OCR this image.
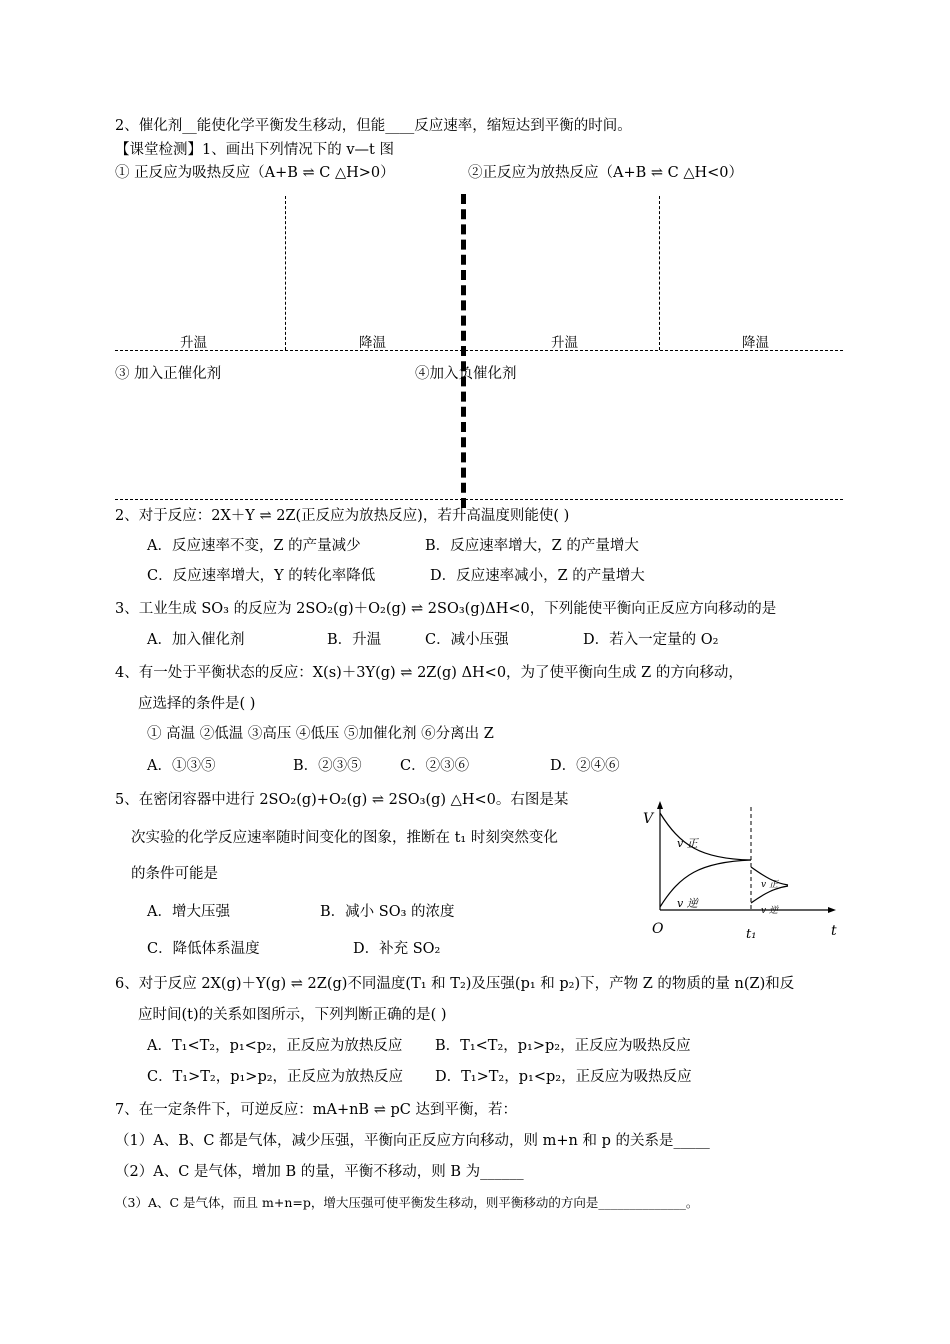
2、催化剂__能使化学平衡发生移动，但能____反应速率，缩短达到平衡的时间。
【课堂检测】1、画出下列情况下的 v—t 图
① 正反应为吸热反应（A+B ⇌ C △H>0）	②正反应为放热反应（A+B ⇌ C △H<0）
升温	降温	升温	降温
③ 加入正催化剂	④加入负催化剂
2、对于反应：2X＋Y ⇌ 2Z(正反应为放热反应)，若升高温度则能使( )
A．反应速率不变，Z 的产量减少	B．反应速率增大，Z 的产量增大
C．反应速率增大，Y 的转化率降低	D．反应速率减小，Z 的产量增大
3、工业生成 SO₃ 的反应为 2SO₂(g)＋O₂(g) ⇌ 2SO₃(g)ΔH<0，下列能使平衡向正反应方向移动的是
A．加入催化剂	B．升温	C．减小压强	D．若入一定量的 O₂
4、有一处于平衡状态的反应：X(s)＋3Y(g) ⇌ 2Z(g) ΔH<0，为了使平衡向生成 Z 的方向移动，
应选择的条件是( )
① 高温 ②低温 ③高压 ④低压 ⑤加催化剂 ⑥分离出 Z
A．①③⑤	B．②③⑤	C．②③⑥	D．②④⑥
5、在密闭容器中进行 2SO₂(g)+O₂(g) ⇌ 2SO₃(g) △H<0。右图是某
次实验的化学反应速率随时间变化的图象，推断在 t₁ 时刻突然变化
的条件可能是
A．增大压强	B．减小 SO₃ 的浓度
C．降低体系温度	D．补充 SO₂
V
t
O	t₁
v 正
v 逆
v 正
v 逆
6、对于反应 2X(g)＋Y(g) ⇌ 2Z(g)不同温度(T₁ 和 T₂)及压强(p₁ 和 p₂)下，产物 Z 的物质的量 n(Z)和反
应时间(t)的关系如图所示，下列判断正确的是( )
A．T₁<T₂，p₁<p₂，正反应为放热反应 B．T₁<T₂，p₁>p₂，正反应为吸热反应
C．T₁>T₂，p₁>p₂，正反应为放热反应 D．T₁>T₂，p₁<p₂，正反应为吸热反应
7、在一定条件下，可逆反应：mA+nB ⇌ pC 达到平衡，若：
（1）A、B、C 都是气体，减少压强，平衡向正反应方向移动，则 m+n 和 p 的关系是_____
（2）A、C 是气体，增加 B 的量，平衡不移动，则 B 为______
（3）A、C 是气体，而且 m+n=p，增大压强可使平衡发生移动，则平衡移动的方向是______________。
